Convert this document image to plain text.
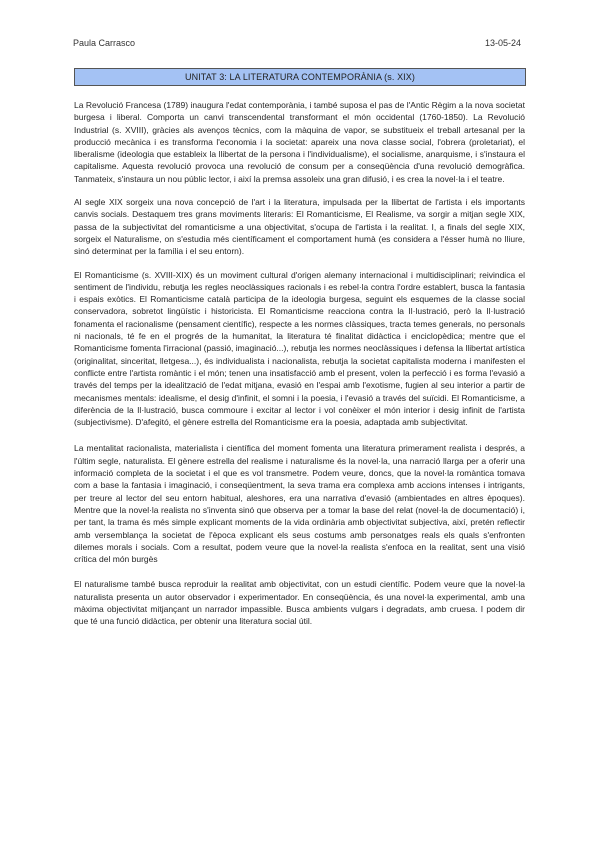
Paula Carrasco	13-05-24
UNITAT 3: LA LITERATURA CONTEMPORÀNIA (s. XIX)

La Revolució Francesa (1789) inaugura l'edat contemporània, i també suposa el pas de l'Antic Règim a la nova societat burgesa i liberal. Comporta un canvi transcendental transformant el món occidental (1760-1850). La Revolució Industrial (s. XVIII), gràcies als avenços tècnics, com la màquina de vapor, se substitueix el treball artesanal per la producció mecànica i es transforma l'economia i la societat: apareix una nova classe social, l'obrera (proletariat), el liberalisme (ideologia que estableix la llibertat de la persona i l'individualisme), el socialisme, anarquisme, i s'instaura el capitalisme. Aquesta revolució provoca una revolució de consum per a conseqüència d'una revolució demogràfica. Tanmateix, s'instaura un nou públic lector, i així la premsa assoleix una gran difusió, i es crea la novel·la i el teatre.

Al segle XIX sorgeix una nova concepció de l'art i la literatura, impulsada per la llibertat de l'artista i els importants canvis socials. Destaquem tres grans moviments literaris: El Romanticisme, El Realisme, va sorgir a mitjan segle XIX, passa de la subjectivitat del romanticisme a una objectivitat, s'ocupa de l'artista i la realitat. I, a finals del segle XIX, sorgeix el Naturalisme, on s'estudia més científicament el comportament humà (es considera a l'ésser humà no lliure, sinó determinat per la família i el seu entorn).

El Romanticisme (s. XVIII-XIX) és un moviment cultural d'origen alemany internacional i multidisciplinari; reivindica el sentiment de l'individu, rebutja les regles neoclàssiques racionals i es rebel·la contra l'ordre establert, busca la fantasia i espais exòtics. El Romanticisme català participa de la ideologia burgesa, seguint els esquemes de la classe social conservadora, sobretot lingüístic i historicista. El Romanticisme reacciona contra la Il·lustració, però la Il·lustració fonamenta el racionalisme (pensament científic), respecte a les normes clàssiques, tracta temes generals, no personals ni nacionals, té fe en el progrés de la humanitat, la literatura té finalitat didàctica i enciclopèdica; mentre que el Romanticisme fomenta l'irracional (passió, imaginació...), rebutja les normes neoclàssiques i defensa la llibertat artística (originalitat, sinceritat, lletgesa...), és individualista i nacionalista, rebutja la societat capitalista moderna i manifesten el conflicte entre l'artista romàntic i el món; tenen una insatisfacció amb el present, volen la perfecció i es forma l'evasió a través del temps per la idealització de l'edat mitjana, evasió en l'espai amb l'exotisme, fugien al seu interior a partir de mecanismes mentals: idealisme, el desig d'infinit, el somni i la poesia, i l'evasió a través del suïcidi. El Romanticisme, a diferència de la Il·lustració, busca commoure i excitar al lector i vol conèixer el món interior i desig infinit de l'artista (subjectivisme). D'afegitó, el gènere estrella del Romanticisme era la poesia, adaptada amb subjectivitat.

La mentalitat racionalista, materialista i científica del moment fomenta una literatura primerament realista i després, a l'últim segle, naturalista. El gènere estrella del realisme i naturalisme és la novel·la, una narració llarga per a oferir una informació completa de la societat i el que es vol transmetre. Podem veure, doncs, que la novel·la romàntica tomava com a base la fantasia i imaginació, i conseqüentment, la seva trama era complexa amb accions intenses i intrigants, per treure al lector del seu entorn habitual, aleshores, era una narrativa d'evasió (ambientades en altres èpoques). Mentre que la novel·la realista no s'inventa sinó que observa per a tomar la base del relat (novel·la de documentació) i, per tant, la trama és més simple explicant moments de la vida ordinària amb objectivitat subjectiva, així, pretén reflectir amb versemblança la societat de l'època explicant els seus costums amb personatges reals els quals s'enfronten dilemes morals i socials. Com a resultat, podem veure que la novel·la realista s'enfoca en la realitat, sent una visió crítica del món burgès

El naturalisme també busca reproduir la realitat amb objectivitat, con un estudi científic. Podem veure que la novel·la naturalista presenta un autor observador i experimentador. En conseqüència, és una novel·la experimental, amb una màxima objectivitat mitjançant un narrador impassible. Busca ambients vulgars i degradats, amb cruesa. I podem dir que té una funció didàctica, per obtenir una literatura social útil.
